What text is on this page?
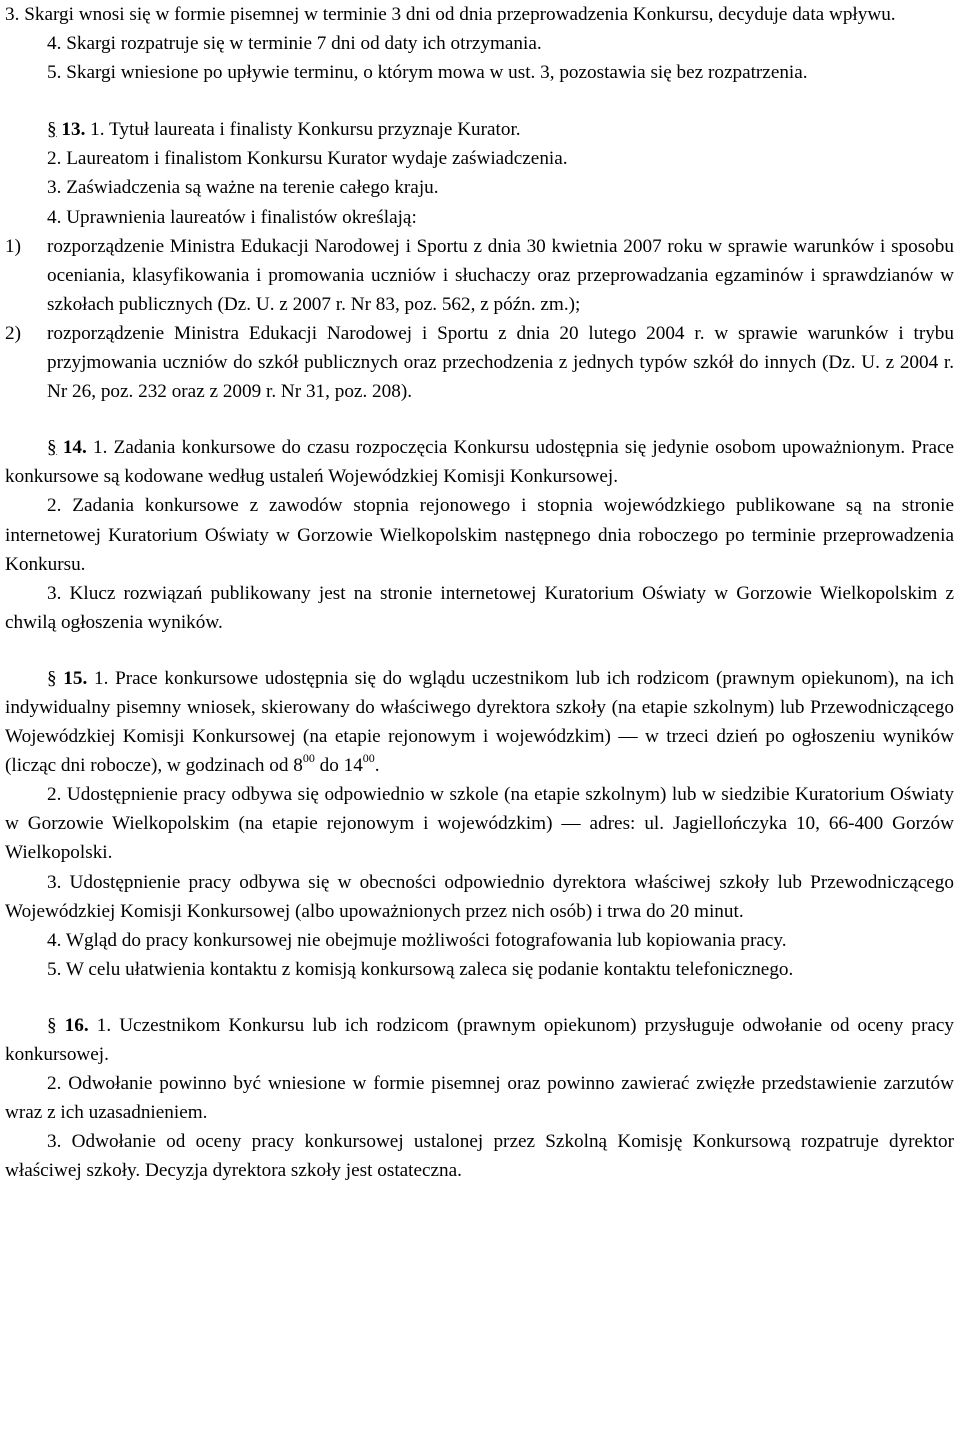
3. Skargi wnosi się w formie pisemnej w terminie 3 dni od dnia przeprowadzenia Konkursu, decyduje data wpływu.

4. Skargi rozpatruje się w terminie 7 dni od daty ich otrzymania.

5. Skargi wniesione po upływie terminu, o którym mowa w ust. 3, pozostawia się bez rozpatrzenia.

§ 13. 1. Tytuł laureata i finalisty Konkursu przyznaje Kurator.

2. Laureatom i finalistom Konkursu Kurator wydaje zaświadczenia.

3. Zaświadczenia są ważne na terenie całego kraju.

4. Uprawnienia laureatów i finalistów określają:

1)	rozporządzenie Ministra Edukacji Narodowej i Sportu z dnia 30 kwietnia 2007 roku w sprawie warunków i sposobu oceniania, klasyfikowania i promowania uczniów i słuchaczy oraz przeprowadzania egzaminów i sprawdzianów w szkołach publicznych (Dz. U. z 2007 r. Nr 83, poz. 562, z późn. zm.);
2)	rozporządzenie Ministra Edukacji Narodowej i Sportu z dnia 20 lutego 2004 r. w sprawie warunków i trybu przyjmowania uczniów do szkół publicznych oraz przechodzenia z jednych typów szkół do innych (Dz. U. z 2004 r. Nr 26, poz. 232 oraz z 2009 r. Nr 31, poz. 208).

§ 14. 1. Zadania konkursowe do czasu rozpoczęcia Konkursu udostępnia się jedynie osobom upoważnionym. Prace konkursowe są kodowane według ustaleń Wojewódzkiej Komisji Konkursowej.

2. Zadania konkursowe z zawodów stopnia rejonowego i stopnia wojewódzkiego publikowane są na stronie internetowej Kuratorium Oświaty w Gorzowie Wielkopolskim następnego dnia roboczego po terminie przeprowadzenia Konkursu.

3. Klucz rozwiązań publikowany jest na stronie internetowej Kuratorium Oświaty w Gorzowie Wielkopolskim z chwilą ogłoszenia wyników.

§ 15. 1. Prace konkursowe udostępnia się do wglądu uczestnikom lub ich rodzicom (prawnym opiekunom), na ich indywidualny pisemny wniosek, skierowany do właściwego dyrektora szkoły (na etapie szkolnym) lub Przewodniczącego Wojewódzkiej Komisji Konkursowej (na etapie rejonowym i wojewódzkim) — w trzeci dzień po ogłoszeniu wyników (licząc dni robocze), w godzinach od $8^{00}$ do $14^{00}$.

2. Udostępnienie pracy odbywa się odpowiednio w szkole (na etapie szkolnym) lub w siedzibie Kuratorium Oświaty w Gorzowie Wielkopolskim (na etapie rejonowym i wojewódzkim) — adres: ul. Jagiellończyka 10, 66-400 Gorzów Wielkopolski.

3. Udostępnienie pracy odbywa się w obecności odpowiednio dyrektora właściwej szkoły lub Przewodniczącego Wojewódzkiej Komisji Konkursowej (albo upoważnionych przez nich osób) i trwa do 20 minut.

4. Wgląd do pracy konkursowej nie obejmuje możliwości fotografowania lub kopiowania pracy.

5. W celu ułatwienia kontaktu z komisją konkursową zaleca się podanie kontaktu telefonicznego.

§ 16. 1. Uczestnikom Konkursu lub ich rodzicom (prawnym opiekunom) przysługuje odwołanie od oceny pracy konkursowej.

2. Odwołanie powinno być wniesione w formie pisemnej oraz powinno zawierać zwięzłe przedstawienie zarzutów wraz z ich uzasadnieniem.

3. Odwołanie od oceny pracy konkursowej ustalonej przez Szkolną Komisję Konkursową rozpatruje dyrektor właściwej szkoły. Decyzja dyrektora szkoły jest ostateczna.
